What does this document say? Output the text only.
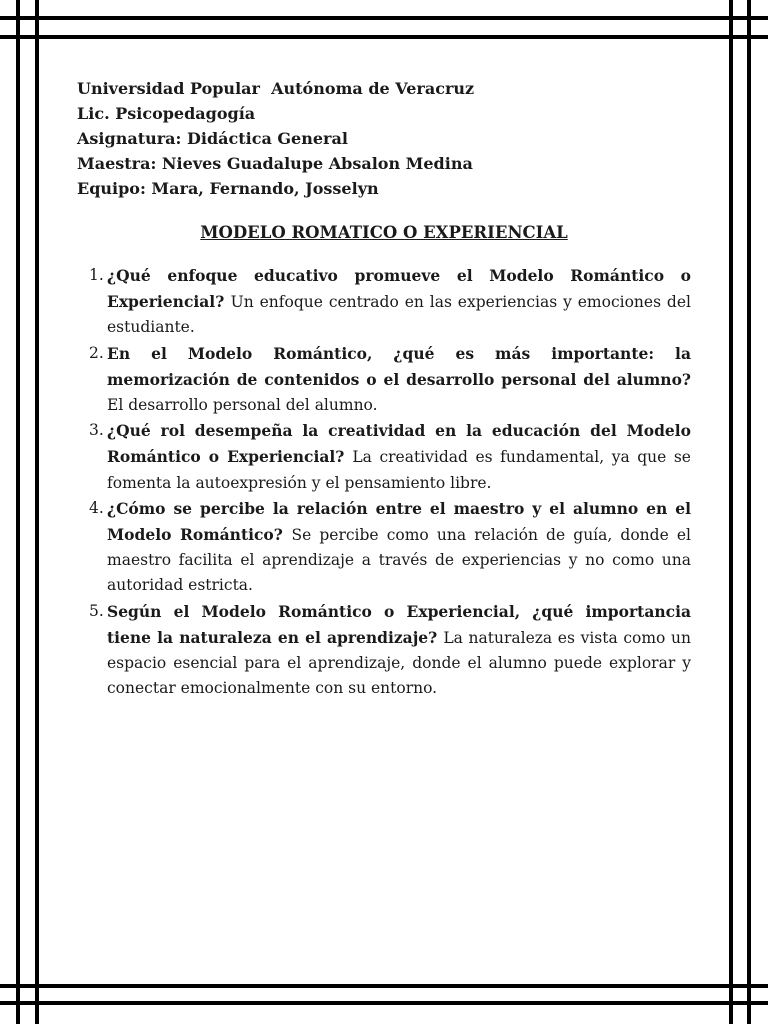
Universidad Popular  Autónoma de Veracruz
Lic. Psicopedagogía
Asignatura: Didáctica General
Maestra: Nieves Guadalupe Absalon Medina
Equipo: Mara, Fernando, Josselyn
MODELO ROMATICO O EXPERIENCIAL
1. ¿Qué enfoque educativo promueve el Modelo Romántico o Experiencial? Un enfoque centrado en las experiencias y emociones del estudiante.
2. En el Modelo Romántico, ¿qué es más importante: la memorización de contenidos o el desarrollo personal del alumno? El desarrollo personal del alumno.
3. ¿Qué rol desempeña la creatividad en la educación del Modelo Romántico o Experiencial? La creatividad es fundamental, ya que se fomenta la autoexpresión y el pensamiento libre.
4. ¿Cómo se percibe la relación entre el maestro y el alumno en el Modelo Romántico? Se percibe como una relación de guía, donde el maestro facilita el aprendizaje a través de experiencias y no como una autoridad estricta.
5. Según el Modelo Romántico o Experiencial, ¿qué importancia tiene la naturaleza en el aprendizaje? La naturaleza es vista como un espacio esencial para el aprendizaje, donde el alumno puede explorar y conectar emocionalmente con su entorno.
